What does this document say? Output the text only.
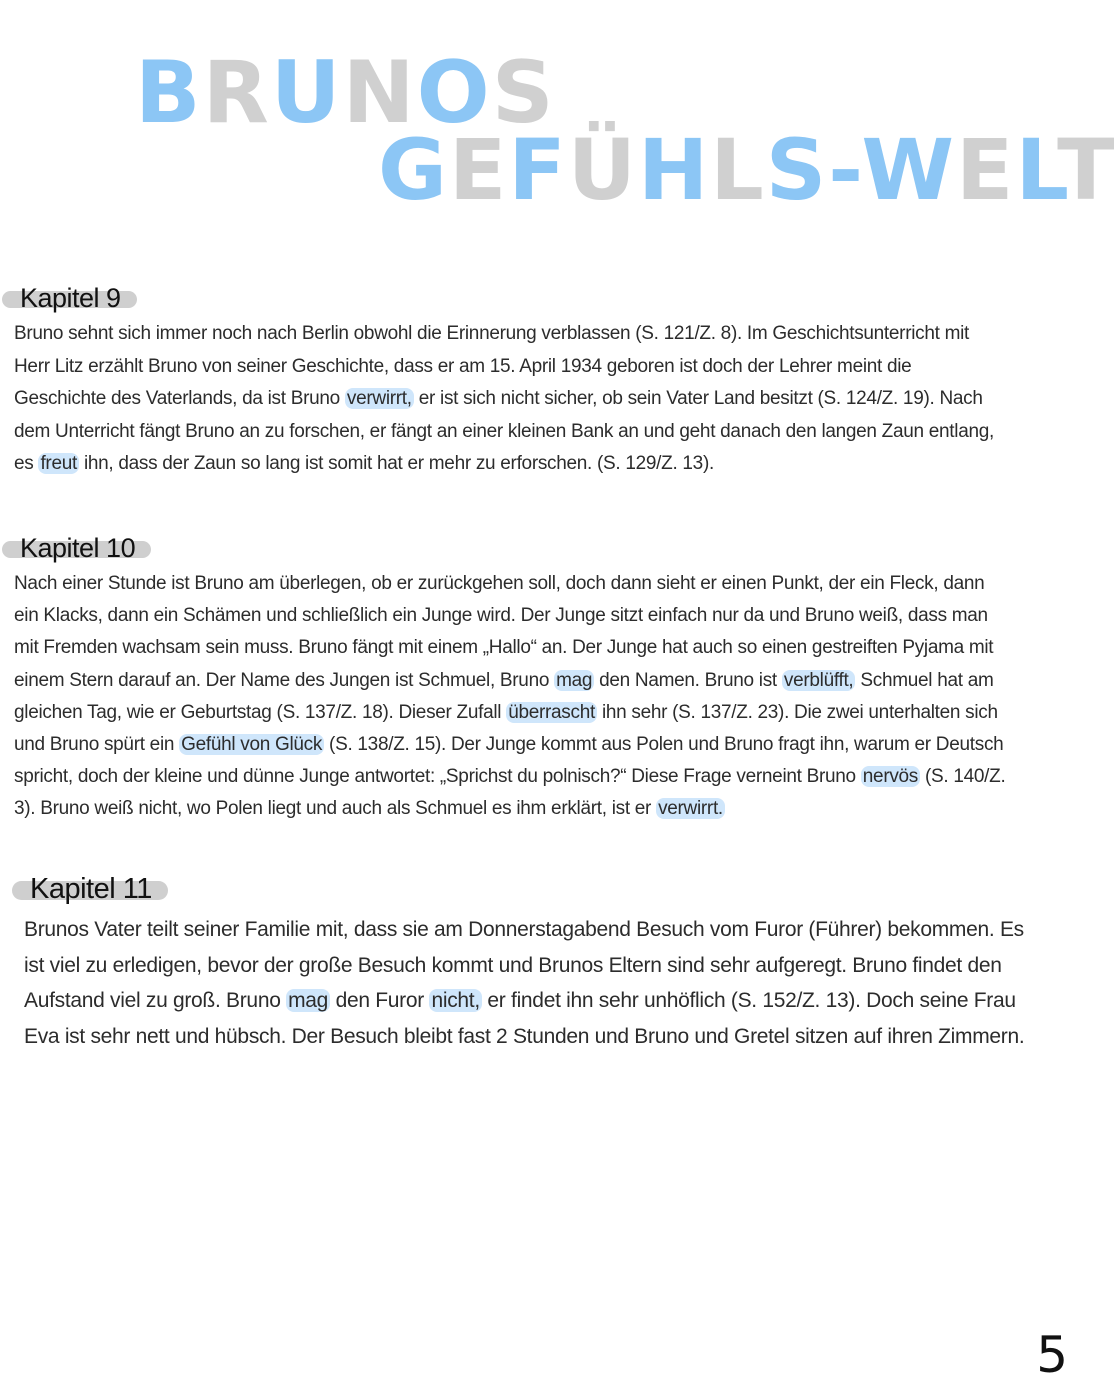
BRUNOS
GEFÜHLS-WELT
Kapitel 9

Bruno sehnt sich immer noch nach Berlin obwohl die Erinnerung verblassen (S. 121/Z. 8). Im Geschichtsunterricht mit Herr Litz erzählt Bruno von seiner Geschichte, dass er am 15. April 1934 geboren ist doch der Lehrer meint die Geschichte des Vaterlands, da ist Bruno verwirrt, er ist sich nicht sicher, ob sein Vater Land besitzt (S. 124/Z. 19). Nach dem Unterricht fängt Bruno an zu forschen, er fängt an einer kleinen Bank an und geht danach den langen Zaun entlang, es freut ihn, dass der Zaun so lang ist somit hat er mehr zu erforschen. (S. 129/Z. 13).

Kapitel 10

Nach einer Stunde ist Bruno am überlegen, ob er zurückgehen soll, doch dann sieht er einen Punkt, der ein Fleck, dann ein Klacks, dann ein Schämen und schließlich ein Junge wird. Der Junge sitzt einfach nur da und Bruno weiß, dass man mit Fremden wachsam sein muss. Bruno fängt mit einem „Hallo“ an. Der Junge hat auch so einen gestreiften Pyjama mit einem Stern darauf an. Der Name des Jungen ist Schmuel, Bruno mag den Namen. Bruno ist verblüfft, Schmuel hat am gleichen Tag, wie er Geburtstag (S. 137/Z. 18). Dieser Zufall überrascht ihn sehr (S. 137/Z. 23). Die zwei unterhalten sich und Bruno spürt ein Gefühl von Glück (S. 138/Z. 15). Der Junge kommt aus Polen und Bruno fragt ihn, warum er Deutsch spricht, doch der kleine und dünne Junge antwortet: „Sprichst du polnisch?“ Diese Frage verneint Bruno nervös (S. 140/Z. 3). Bruno weiß nicht, wo Polen liegt und auch als Schmuel es ihm erklärt, ist er verwirrt.

Kapitel 11

Brunos Vater teilt seiner Familie mit, dass sie am Donnerstagabend Besuch vom Furor (Führer) bekommen. Es ist viel zu erledigen, bevor der große Besuch kommt und Brunos Eltern sind sehr aufgeregt. Bruno findet den Aufstand viel zu groß. Bruno mag den Furor nicht, er findet ihn sehr unhöflich (S. 152/Z. 13). Doch seine Frau Eva ist sehr nett und hübsch. Der Besuch bleibt fast 2 Stunden und Bruno und Gretel sitzen auf ihren Zimmern.

5
